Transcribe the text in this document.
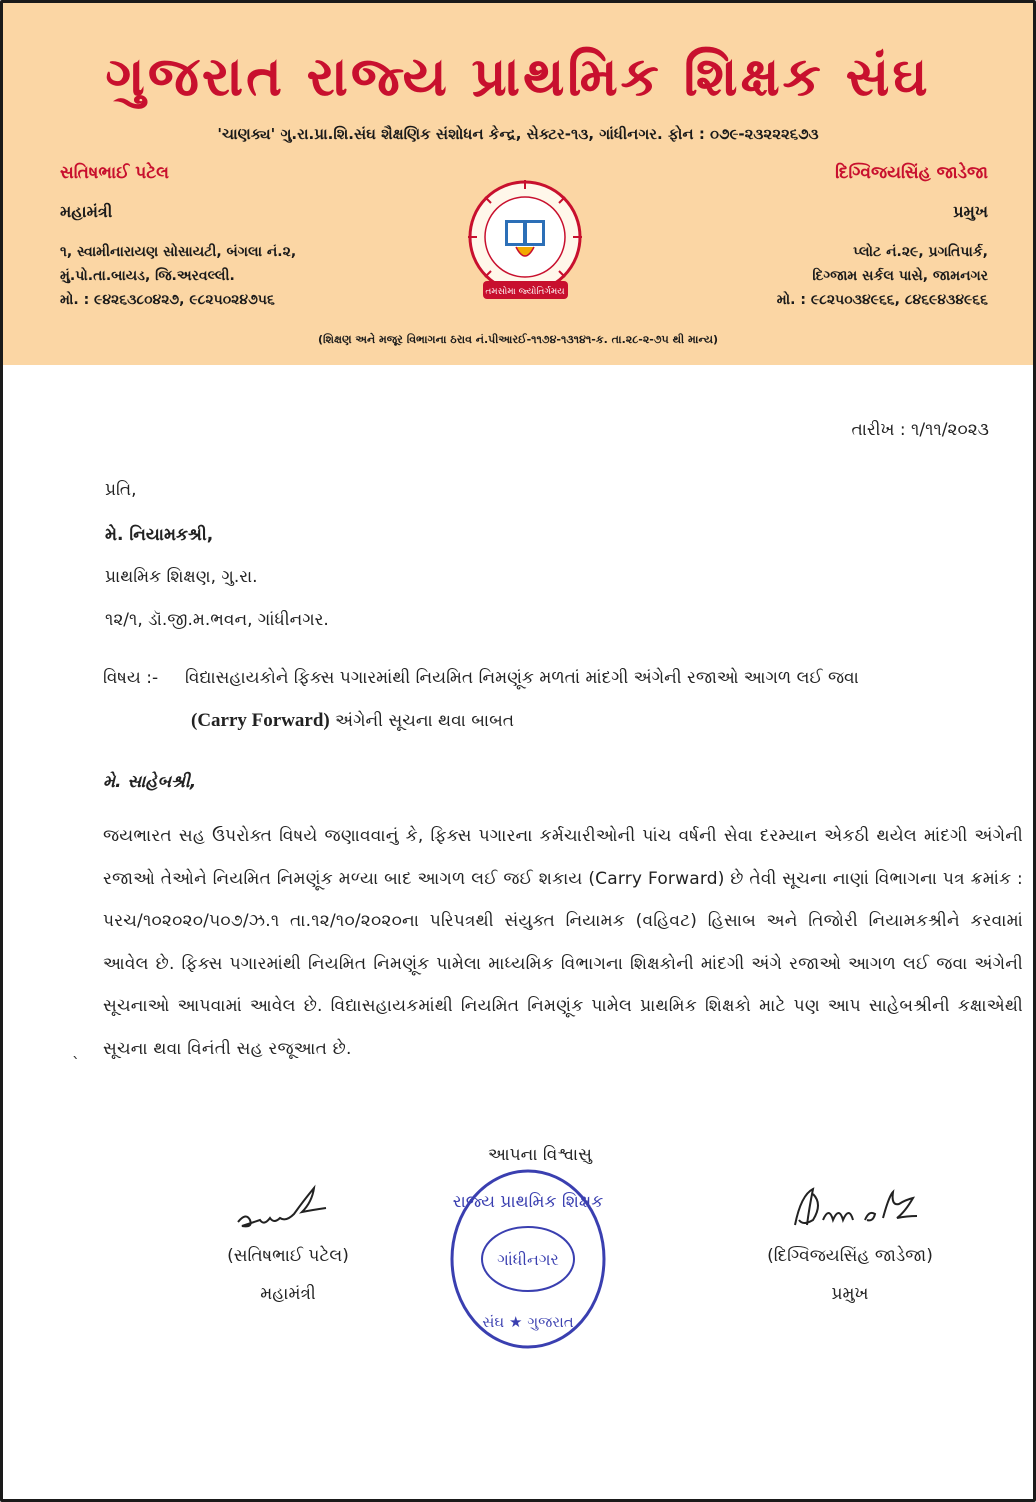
ગુજરાત રાજ્ય પ્રાથમિક શિક્ષક સંઘ
'ચાણક્ય' ગુ.રા.પ્રા.શિ.સંઘ શૈક્ષણિક સંશોધન કેન્દ્ર, સેક્ટર-૧૩, ગાંધીનગર. ફોન : ૦૭૯-૨૩૨૨૨૬૭૩
સતિષભાઈ પટેલ
મહામંત્રી
૧, સ્વામીનારાયણ સોસાયટી, બંગલા નં.૨,
મું.પો.તા.બાયડ, જિ.અરવલ્લી.
મો. : ૯૪૨૬૩૮૦૪૨૭, ૯૮૨૫૦૨૪૭૫૬
દિગ્વિજયસિંહ જાડેજા
પ્રમુખ
પ્લોટ નં.૨૯, પ્રગતિપાર્ક,
દિગ્જામ સર્કલ પાસે, જામનગર
મો. : ૯૮૨૫૦૩૪૯૬૬, ૮૪૬૯૪૩૪૯૬૬
તમસોમા જ્યોતિર્ગમય
(શિક્ષણ અને મજૂર વિભાગના ઠરાવ નં.પીઆરઈ-૧૧૭૪-૧૩૧૪૧-ક. તા.૨૮-૨-૭૫ થી માન્ય)
તારીખ : ૧/૧૧/૨૦૨૩
પ્રતિ,
મે. નિયામકશ્રી,
પ્રાથમિક શિક્ષણ, ગુ.રા.
૧૨/૧, ડૉ.જી.મ.ભવન, ગાંધીનગર.
વિષય :- વિદ્યાસહાયકોને ફિક્સ પગારમાંથી નિયમિત નિમણૂંક મળતાં માંદગી અંગેની રજાઓ આગળ લઈ જવા
(Carry Forward) અંગેની સૂચના થવા બાબત
મે. સાહેબશ્રી,
જયભારત સહ ઉપરોક્ત વિષયે જણાવવાનું કે, ફિક્સ પગારના કર્મચારીઓની પાંચ વર્ષની સેવા દરમ્યાન એકઠી થયેલ માંદગી અંગેની રજાઓ તેઓને નિયમિત નિમણૂંક મળ્યા બાદ આગળ લઈ જઈ શકાય (Carry Forward) છે તેવી સૂચના નાણાં વિભાગના પત્ર ક્રમાંક : પરચ/૧૦૨૦૨૦/૫૦૭/ઝ.૧ તા.૧૨/૧૦/૨૦૨૦ના પરિપત્રથી સંયુક્ત નિયામક (વહિવટ) હિસાબ અને તિજોરી નિયામકશ્રીને કરવામાં આવેલ છે. ફિક્સ પગારમાંથી નિયમિત નિમણૂંક પામેલા માધ્યમિક વિભાગના શિક્ષકોની માંદગી અંગે રજાઓ આગળ લઈ જવા અંગેની સૂચનાઓ આપવામાં આવેલ છે. વિદ્યાસહાયકમાંથી નિયમિત નિમણૂંક પામેલ પ્રાથમિક શિક્ષકો માટે પણ આપ સાહેબશ્રીની કક્ષાએથી સૂચના થવા વિનંતી સહ રજૂઆત છે.
ˎ
આપના વિશ્વાસુ
(સતિષભાઈ પટેલ)
મહામંત્રી
રાજ્ય પ્રાથમિક શિક્ષક
ગાંધીનગર
સંઘ ★ ગુજરાત
(દિગ્વિજયસિંહ જાડેજા)
પ્રમુખ
